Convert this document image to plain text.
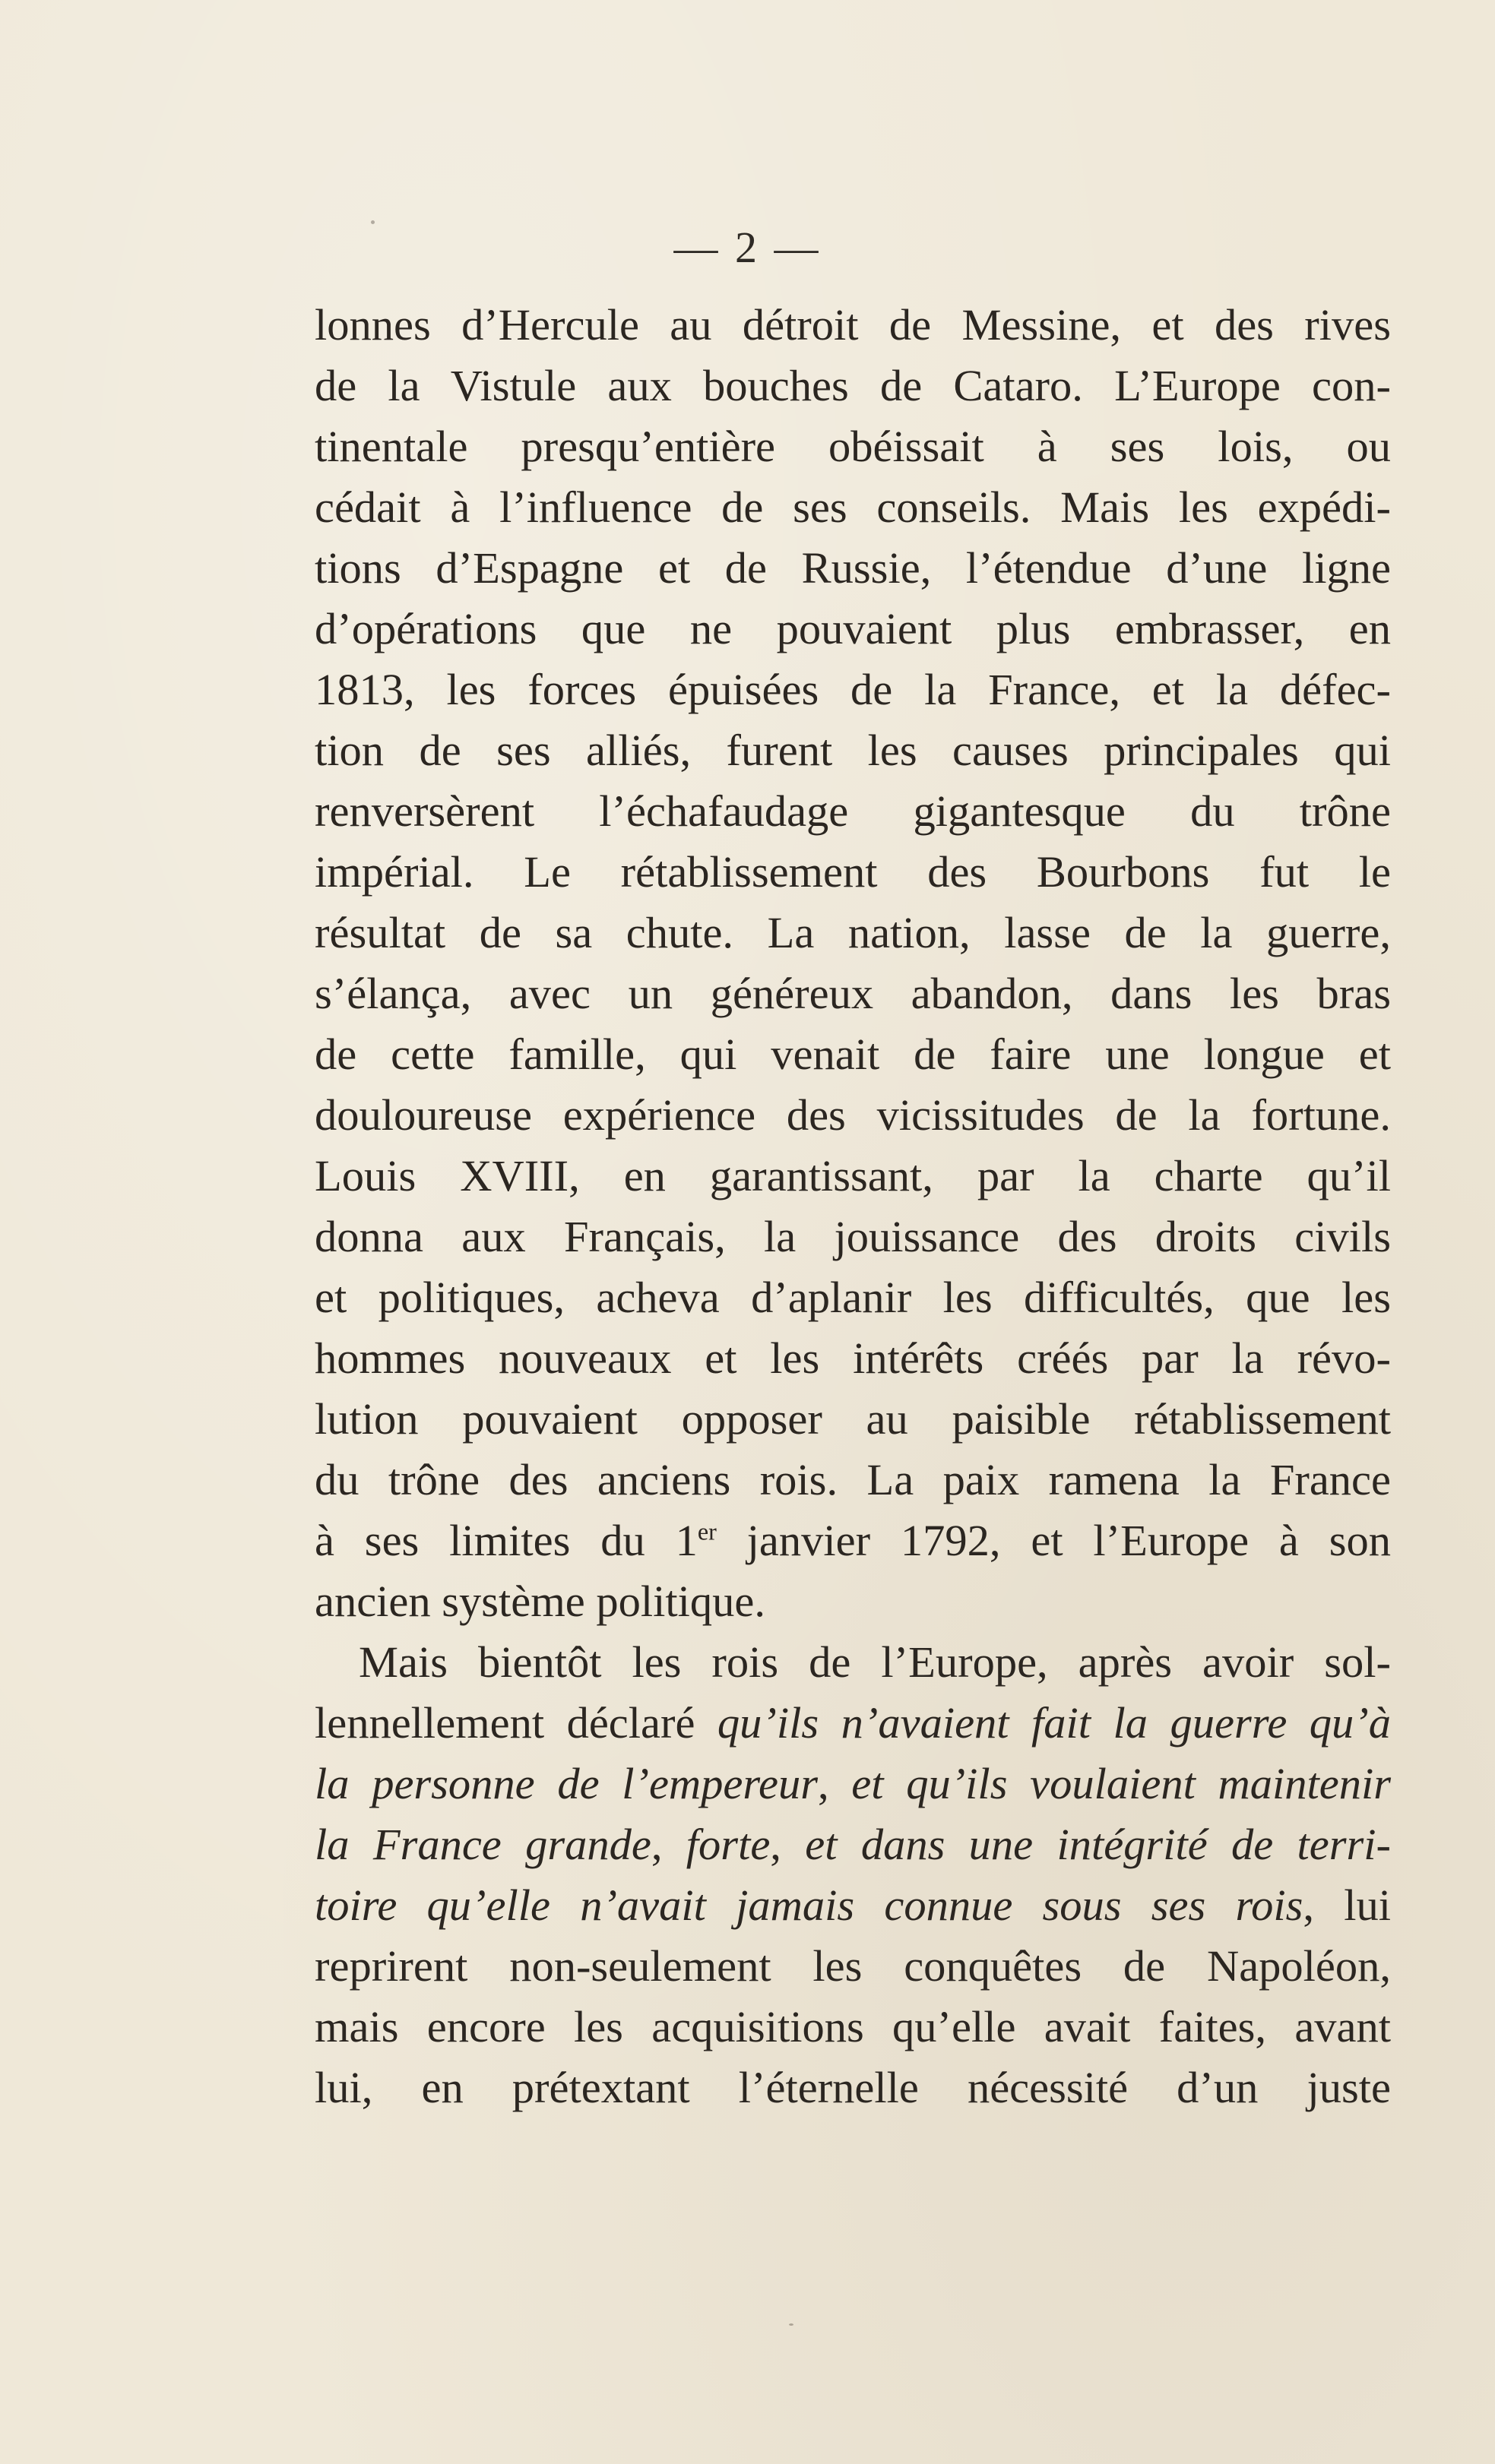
— 2 —
lonnes d’Hercule au détroit de Messine, et des rives
de la Vistule aux bouches de Cataro. L’Europe con-
tinentale presqu’entière obéissait à ses lois, ou
cédait à l’influence de ses conseils. Mais les expédi-
tions d’Espagne et de Russie, l’étendue d’une ligne
d’opérations que ne pouvaient plus embrasser, en
1813, les forces épuisées de la France, et la défec-
tion de ses alliés, furent les causes principales qui
renversèrent l’échafaudage gigantesque du trône
impérial. Le rétablissement des Bourbons fut le
résultat de sa chute. La nation, lasse de la guerre,
s’élança, avec un généreux abandon, dans les bras
de cette famille, qui venait de faire une longue et
douloureuse expérience des vicissitudes de la fortune.
Louis XVIII, en garantissant, par la charte qu’il
donna aux Français, la jouissance des droits civils
et politiques, acheva d’aplanir les difficultés, que les
hommes nouveaux et les intérêts créés par la révo-
lution pouvaient opposer au paisible rétablissement
du trône des anciens rois. La paix ramena la France
à ses limites du 1er janvier 1792, et l’Europe à son
ancien système politique.
Mais bientôt les rois de l’Europe, après avoir sol-
lennellement déclaré qu’ils n’avaient fait la guerre qu’à
la personne de l’empereur, et qu’ils voulaient maintenir
la France grande, forte, et dans une intégrité de terri-
toire qu’elle n’avait jamais connue sous ses rois, lui
reprirent non-seulement les conquêtes de Napoléon,
mais encore les acquisitions qu’elle avait faites, avant
lui, en prétextant l’éternelle nécessité d’un juste
